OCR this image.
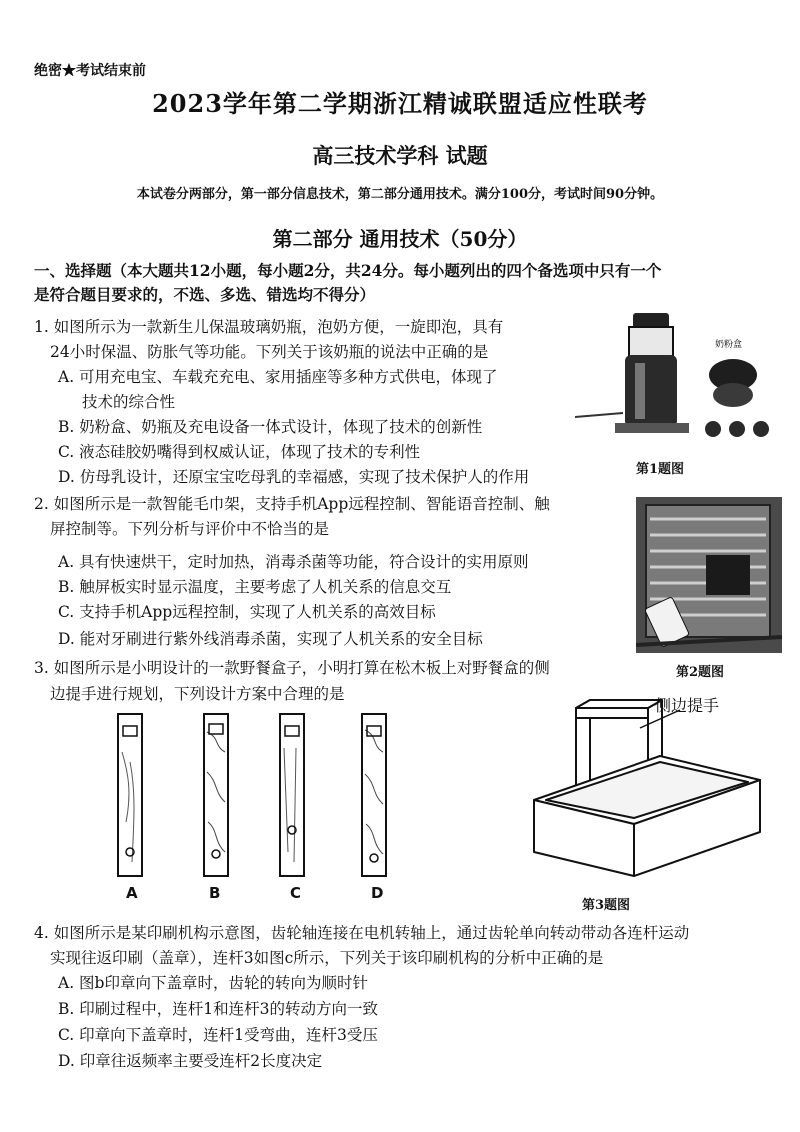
绝密★考试结束前
2023学年第二学期浙江精诚联盟适应性联考
高三技术学科 试题
本试卷分两部分，第一部分信息技术，第二部分通用技术。满分100分，考试时间90分钟。
第二部分 通用技术（50分）
一、选择题（本大题共12小题，每小题2分，共24分。每小题列出的四个备选项中只有一个
是符合题目要求的，不选、多选、错选均不得分）
1. 如图所示为一款新生儿保温玻璃奶瓶，泡奶方便，一旋即泡，具有
24小时保温、防胀气等功能。下列关于该奶瓶的说法中正确的是
A. 可用充电宝、车载充充电、家用插座等多种方式供电，体现了
技术的综合性
B. 奶粉盒、奶瓶及充电设备一体式设计，体现了技术的创新性
C. 液态硅胶奶嘴得到权威认证，体现了技术的专利性
D. 仿母乳设计，还原宝宝吃母乳的幸福感，实现了技术保护人的作用
奶粉盒
第1题图
2. 如图所示是一款智能毛巾架，支持手机App远程控制、智能语音控制、触
屏控制等。下列分析与评价中不恰当的是
A. 具有快速烘干，定时加热，消毒杀菌等功能，符合设计的实用原则
B. 触屏板实时显示温度，主要考虑了人机关系的信息交互
C. 支持手机App远程控制，实现了人机关系的高效目标
D. 能对牙刷进行紫外线消毒杀菌，实现了人机关系的安全目标
第2题图
3. 如图所示是小明设计的一款野餐盒子，小明打算在松木板上对野餐盒的侧
边提手进行规划，下列设计方案中合理的是
A	B	C	D
侧边提手
第3题图
4. 如图所示是某印刷机构示意图，齿轮轴连接在电机转轴上，通过齿轮单向转动带动各连杆运动
实现往返印刷（盖章），连杆3如图c所示，下列关于该印刷机构的分析中正确的是
A. 图b印章向下盖章时，齿轮的转向为顺时针
B. 印刷过程中，连杆1和连杆3的转动方向一致
C. 印章向下盖章时，连杆1受弯曲，连杆3受压
D. 印章往返频率主要受连杆2长度决定
